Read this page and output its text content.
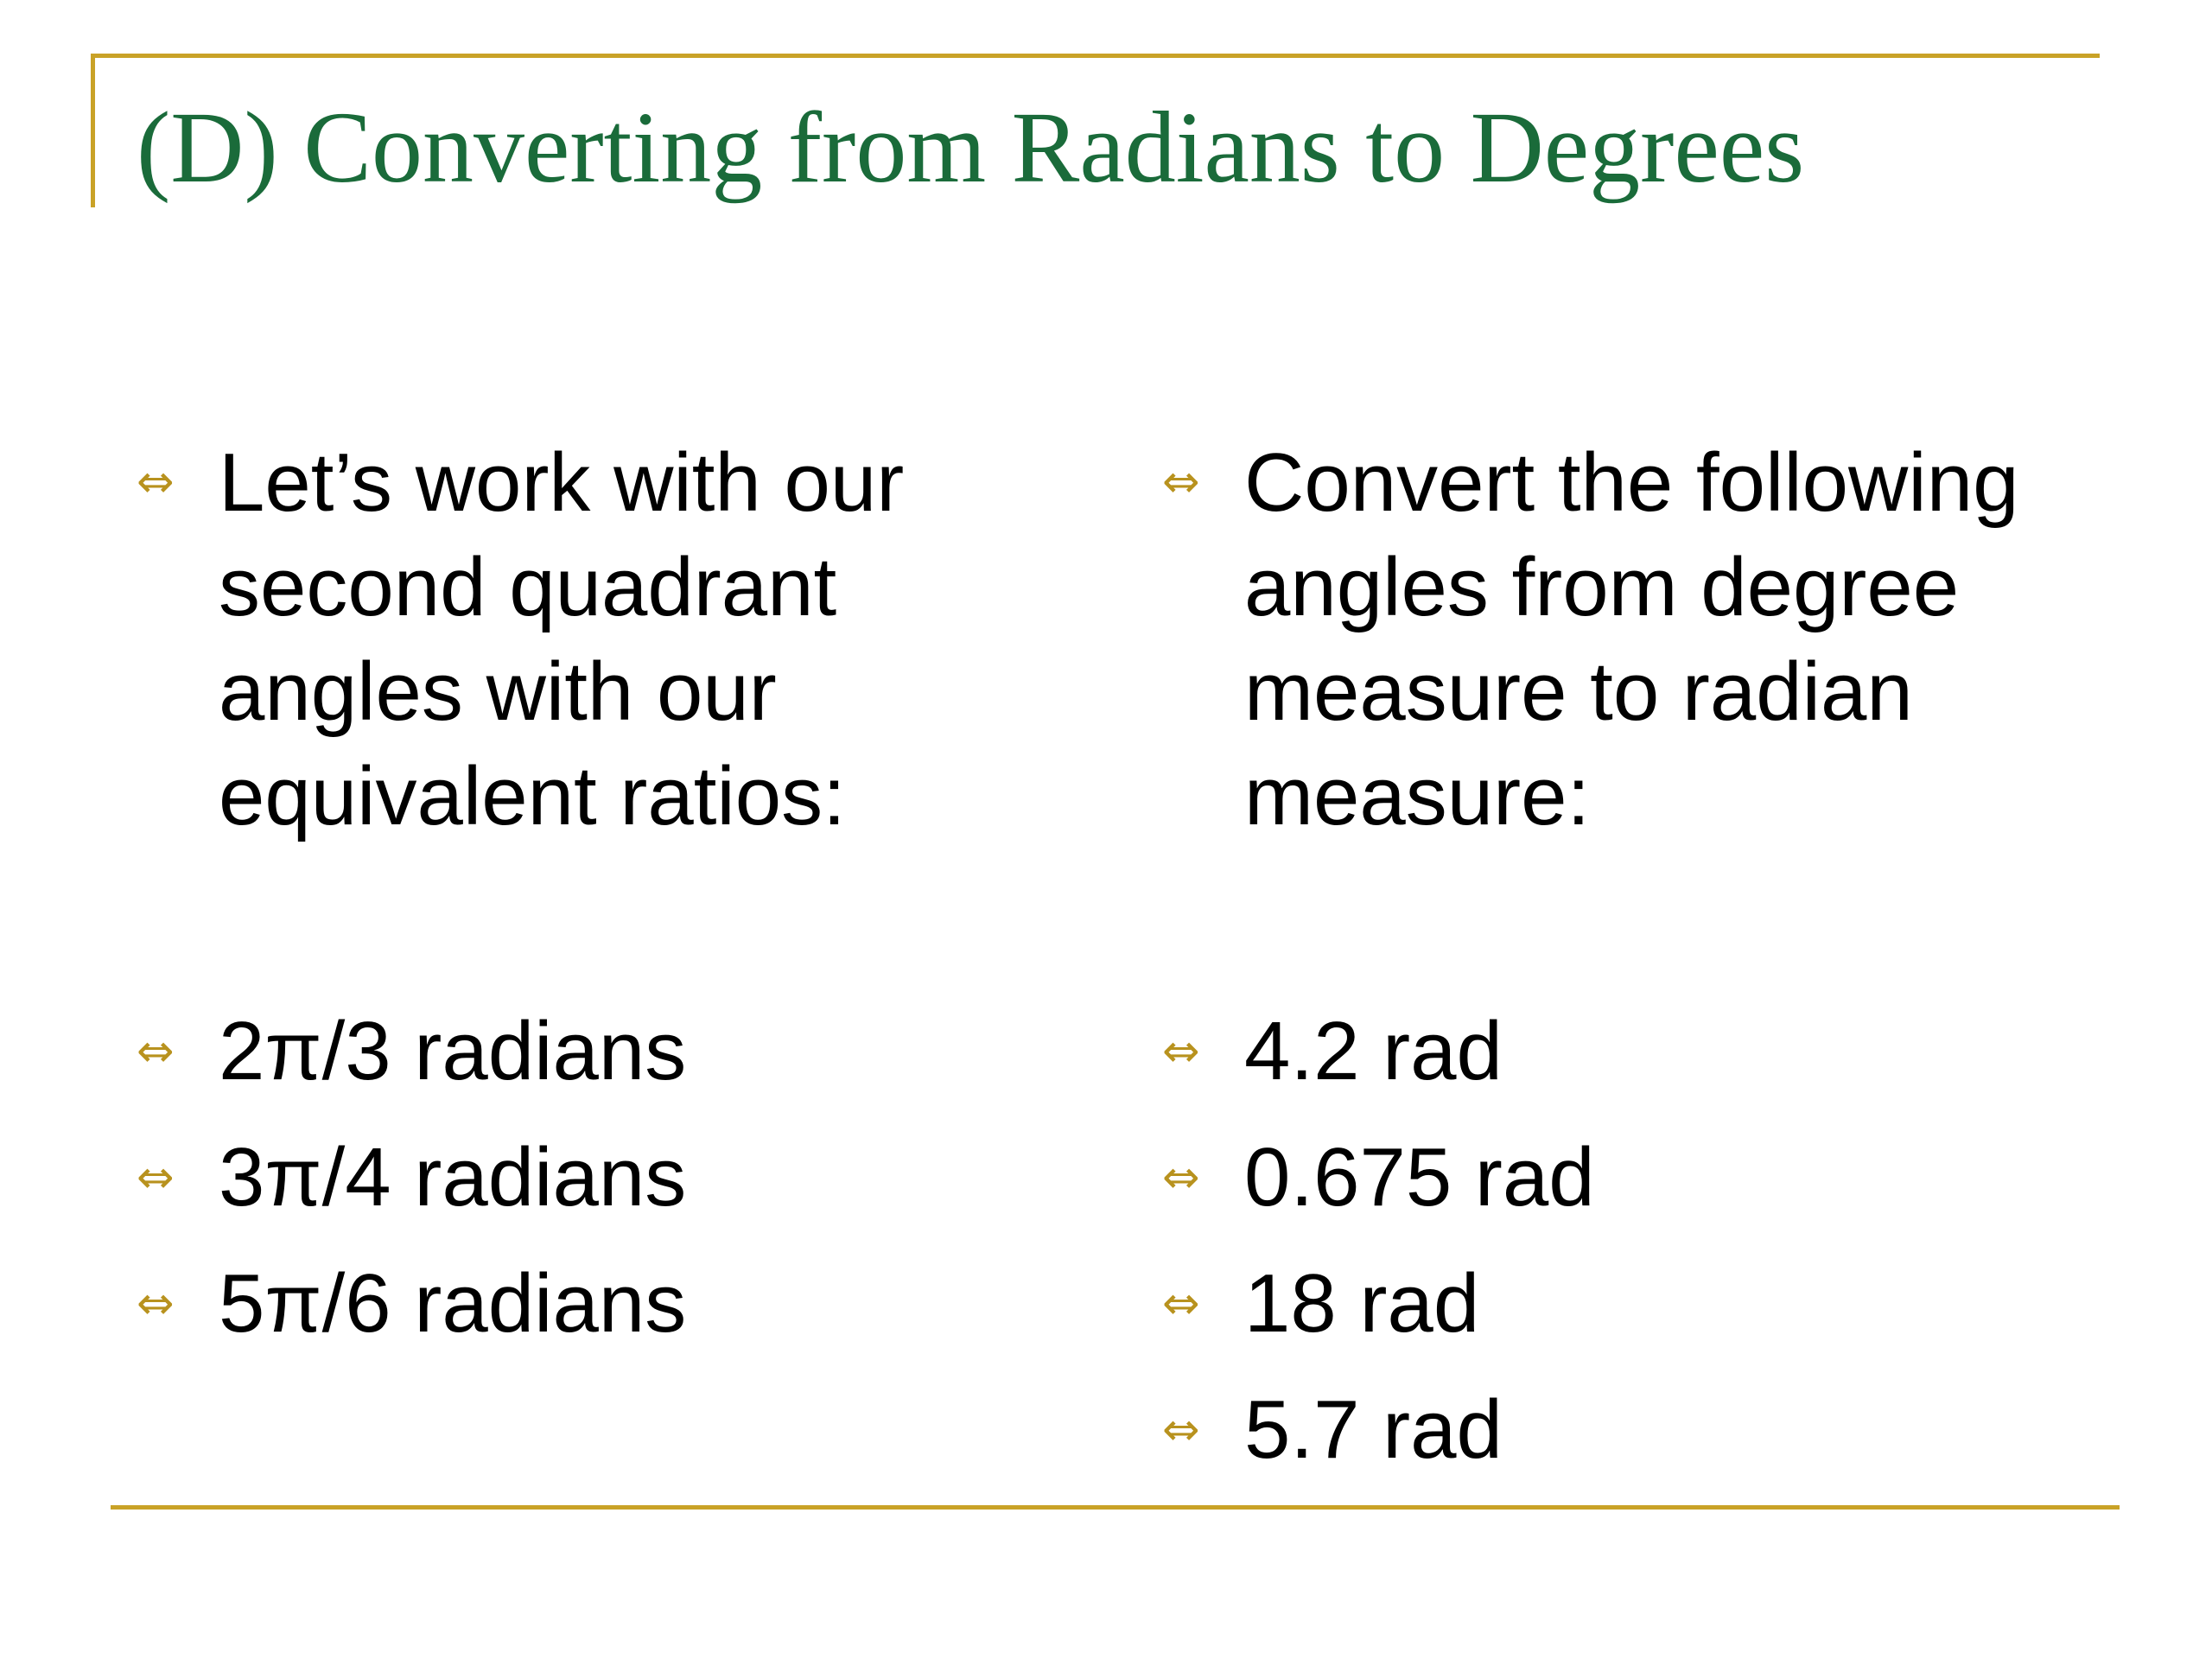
(D) Converting from Radians to Degrees
⇔ Let’s work with our second quadrant angles with our equivalent ratios:
⇔ 2π/3 radians
⇔ 3π/4 radians
⇔ 5π/6 radians
⇔ Convert the following angles from degree measure to radian measure:
⇔ 4.2 rad
⇔ 0.675 rad
⇔ 18 rad
⇔ 5.7 rad
